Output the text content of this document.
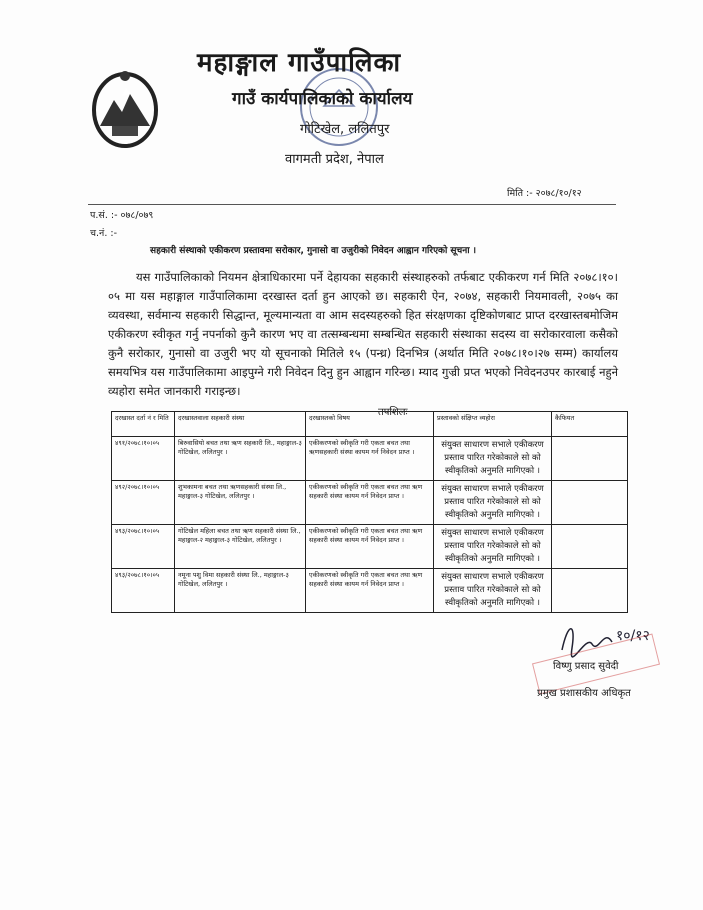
महाङ्गाल गाउँपालिका
गाउँ कार्यपालिकाको कार्यालय
गोटिखेल, ललितपुर
वागमती प्रदेश, नेपाल
प.सं. :- ०७८/०७९
च.नं. :-
मिति :- २०७८/१०/१२
सहकारी संस्थाको एकीकरण प्रस्तावमा सरोकार, गुनासो वा उजुरीको निवेदन आह्वान गरिएको सूचना ।
यस गाउँपालिकाको नियमन क्षेत्राधिकारमा पर्ने देहायका सहकारी संस्थाहरुको तर्फबाट एकीकरण गर्न मिति २०७८।१०।०५ मा यस महाङ्गाल गाउँपालिकामा दरखास्त दर्ता हुन आएको छ। सहकारी ऐन, २०७४, सहकारी नियमावली, २०७५ का व्यवस्था, सर्वमान्य सहकारी सिद्धान्त, मूल्यमान्यता वा आम सदस्यहरुको हित संरक्षणका दृष्टिकोणबाट प्राप्त दरखास्तबमोजिम एकीकरण स्वीकृत गर्नु नपर्नाको कुनै कारण भए वा तत्सम्बन्धमा सम्बन्धित सहकारी संस्थाका सदस्य वा सरोकारवाला कसैको कुनै सरोकार, गुनासो वा उजुरी भए यो सूचनाको मितिले १५ (पन्ध्र) दिनभित्र (अर्थात मिति २०७८।१०।२७ सम्म) कार्यालय समयभित्र यस गाउँपालिकामा आइपुग्ने गरी निवेदन दिनु हुन आह्वान गरिन्छ। म्याद गुज्री प्रप्त भएको निवेदनउपर कारबाई नहुने व्यहोरा समेत जानकारी गराइन्छ।
तपशिलः
दरखास्त दर्ता नं र मिति	दरखास्तवाला सहकारी संस्था	दरखास्तको विषय	प्रस्तावको संक्षिप्त व्यहोरा	कैफियत
४९१/२०७८।१०।०५	बिरुवासियो बचत तथा ऋण सहकारी लि., महाङ्गाल-३ गोटिखेल, ललितपुर ।	एकीकरणको स्वीकृति गरी एकता बचत तथा ऋणसहकारी संस्था कायम गर्न निवेदन प्राप्त ।	संयुक्त साधारण सभाले एकीकरण प्रस्ताव पारित गरेकोकाले सो को स्वीकृतिको अनुमति मागिएको ।	
४९२/२०७८।१०।०५	शुभकामना बचत तथा ऋणसहकारी संस्था लि., महाङ्गाल-३ गोटिखेल, ललितपुर ।	एकीकरणको स्वीकृति गरी एकता बचत तथा ऋण सहकारी संस्था कायम गर्न निवेदन प्राप्त ।	संयुक्त साधारण सभाले एकीकरण प्रस्ताव पारित गरेकोकाले सो को स्वीकृतिको अनुमति मागिएको ।	
४९३/२०७८।१०।०५	गोटिखेल महिला बचत तथा ऋण सहकारी संस्था लि., महाङ्गाल-२ महाङ्गाल-३ गोटिखेल, ललितपुर ।	एकीकरणको स्वीकृति गरी एकता बचत तथा ऋण सहकारी संस्था कायम गर्न निवेदन प्राप्त ।	संयुक्त साधारण सभाले एकीकरण प्रस्ताव पारित गरेकोकाले सो को स्वीकृतिको अनुमति मागिएको ।	
४९३/२०७८।१०।०५	नमूना पशु विमा सहकारी संस्था लि., महाङ्गाल-३ गोटिखेल, ललितपुर ।	एकीकरणको स्वीकृति गरी एकता बचत तथा ऋण सहकारी संस्था कायम गर्न निवेदन प्राप्त ।	संयुक्त साधारण सभाले एकीकरण प्रस्ताव पारित गरेकोकाले सो को स्वीकृतिको अनुमति मागिएको ।	
१०/१२
विष्णु प्रसाद सुवेदी
प्रमुख प्रशासकीय अधिकृत
